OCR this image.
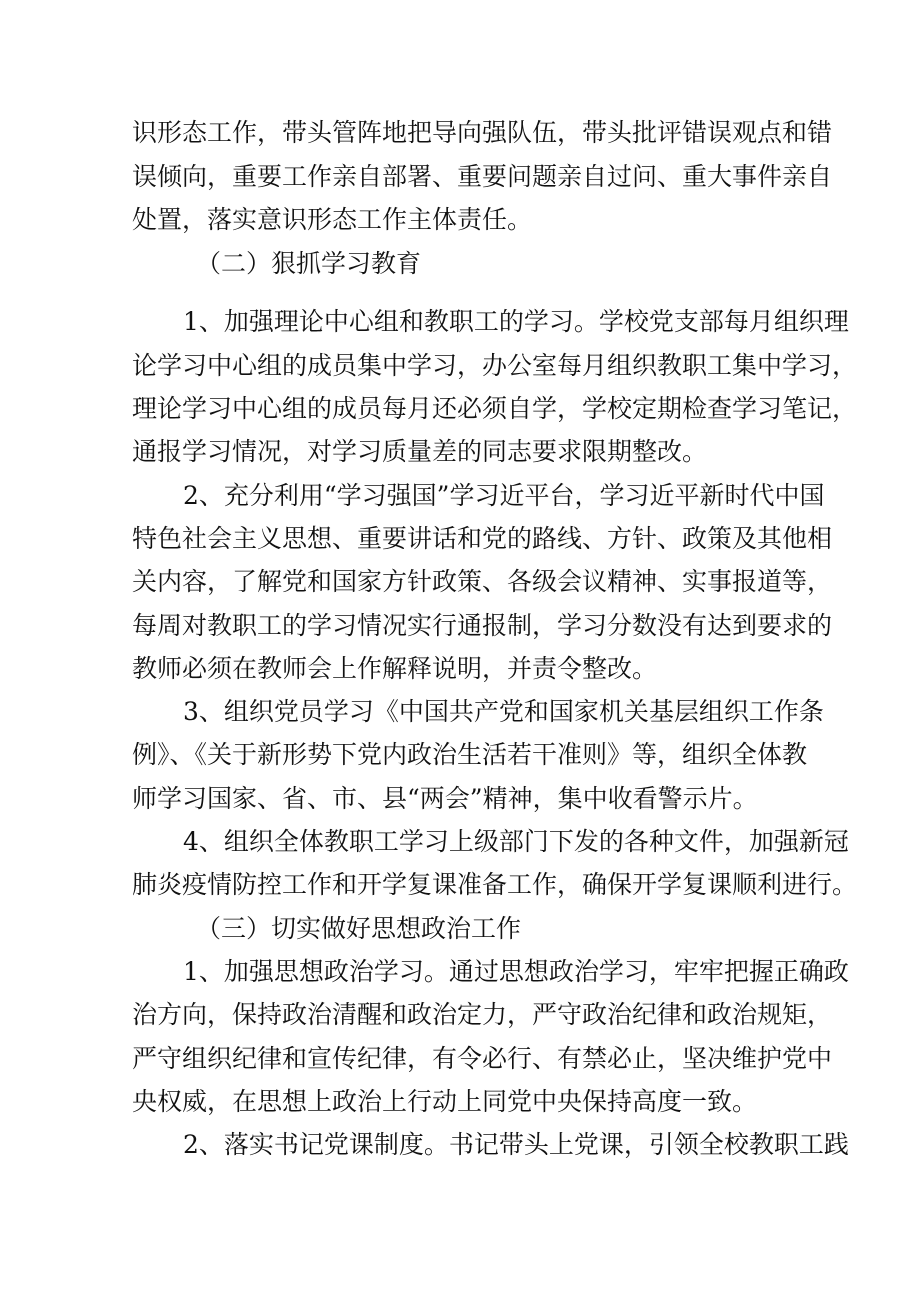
识形态工作，带头管阵地把导向强队伍，带头批评错误观点和错
误倾向，重要工作亲自部署、重要问题亲自过问、重大事件亲自
处置，落实意识形态工作主体责任。
（二）狠抓学习教育
1、加强理论中心组和教职工的学习。学校党支部每月组织理
论学习中心组的成员集中学习，办公室每月组织教职工集中学习，
理论学习中心组的成员每月还必须自学，学校定期检查学习笔记，
通报学习情况，对学习质量差的同志要求限期整改。
2、充分利用“学习强国”学习近平台，学习近平新时代中国
特色社会主义思想、重要讲话和党的路线、方针、政策及其他相
关内容，了解党和国家方针政策、各级会议精神、实事报道等，
每周对教职工的学习情况实行通报制，学习分数没有达到要求的
教师必须在教师会上作解释说明，并责令整改。
3、组织党员学习《中国共产党和国家机关基层组织工作条
例》、《关于新形势下党内政治生活若干准则》等，组织全体教
师学习国家、省、市、县“两会”精神，集中收看警示片。
4、组织全体教职工学习上级部门下发的各种文件，加强新冠
肺炎疫情防控工作和开学复课准备工作，确保开学复课顺利进行。
（三）切实做好思想政治工作
1、加强思想政治学习。通过思想政治学习，牢牢把握正确政
治方向，保持政治清醒和政治定力，严守政治纪律和政治规矩，
严守组织纪律和宣传纪律，有令必行、有禁必止，坚决维护党中
央权威，在思想上政治上行动上同党中央保持高度一致。
2、落实书记党课制度。书记带头上党课，引领全校教职工践
